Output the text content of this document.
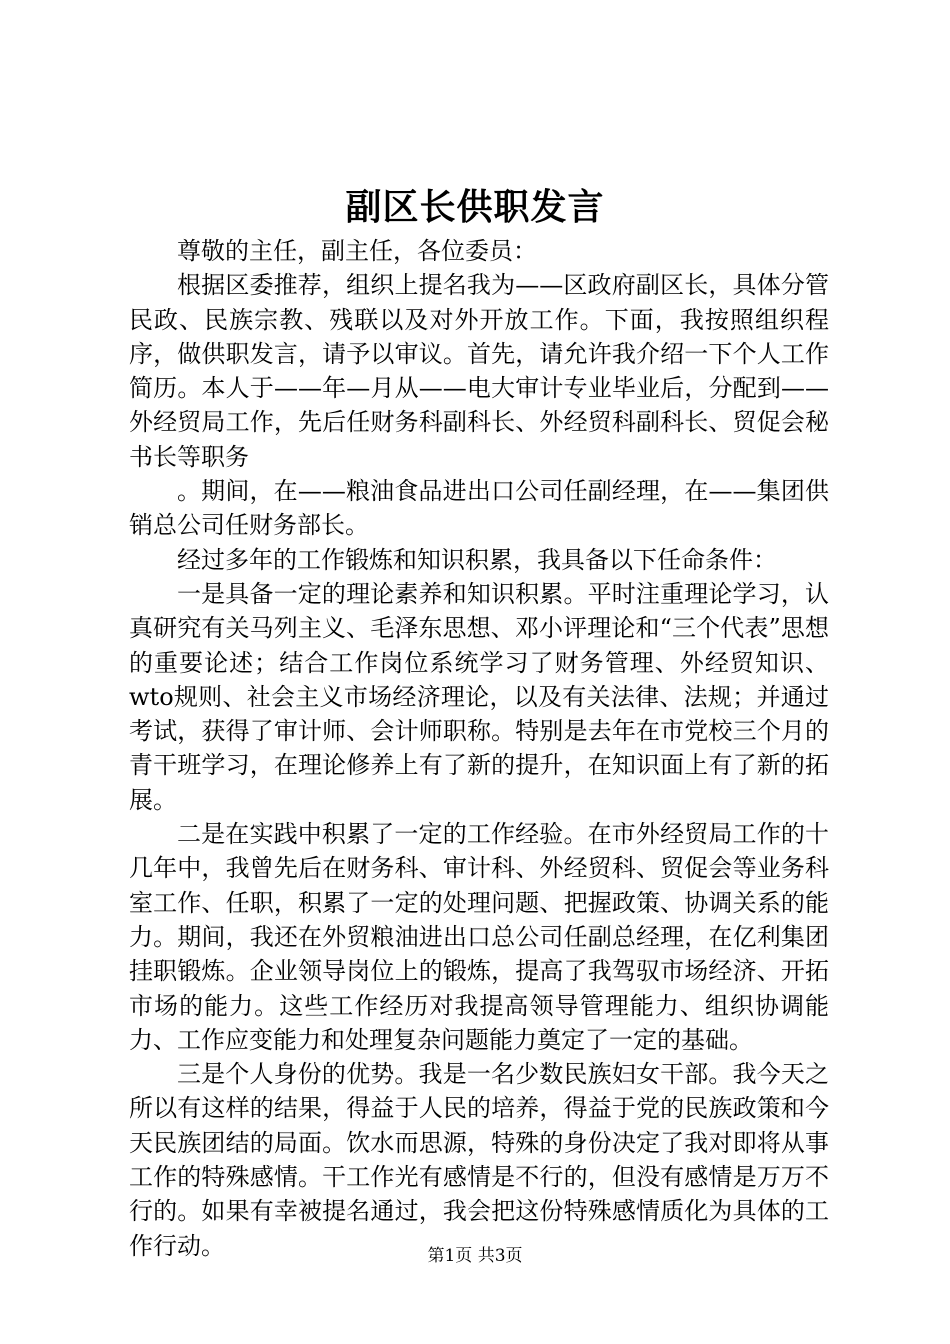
副区长供职发言

尊敬的主任，副主任，各位委员：

根据区委推荐，组织上提名我为——区政府副区长，具体分管民政、民族宗教、残联以及对外开放工作。下面，我按照组织程序，做供职发言，请予以审议。首先，请允许我介绍一下个人工作简历。本人于——年—月从——电大审计专业毕业后，分配到——外经贸局工作，先后任财务科副科长、外经贸科副科长、贸促会秘书长等职务

。期间，在——粮油食品进出口公司任副经理，在——集团供销总公司任财务部长。

经过多年的工作锻炼和知识积累，我具备以下任命条件：

一是具备一定的理论素养和知识积累。平时注重理论学习，认真研究有关马列主义、毛泽东思想、邓小评理论和“三个代表”思想的重要论述；结合工作岗位系统学习了财务管理、外经贸知识、wto规则、社会主义市场经济理论，以及有关法律、法规；并通过考试，获得了审计师、会计师职称。特别是去年在市党校三个月的青干班学习，在理论修养上有了新的提升，在知识面上有了新的拓展。

二是在实践中积累了一定的工作经验。在市外经贸局工作的十几年中，我曾先后在财务科、审计科、外经贸科、贸促会等业务科室工作、任职，积累了一定的处理问题、把握政策、协调关系的能力。期间，我还在外贸粮油进出口总公司任副总经理，在亿利集团挂职锻炼。企业领导岗位上的锻炼，提高了我驾驭市场经济、开拓市场的能力。这些工作经历对我提高领导管理能力、组织协调能力、工作应变能力和处理复杂问题能力奠定了一定的基础。

三是个人身份的优势。我是一名少数民族妇女干部。我今天之所以有这样的结果，得益于人民的培养，得益于党的民族政策和今天民族团结的局面。饮水而思源，特殊的身份决定了我对即将从事工作的特殊感情。干工作光有感情是不行的，但没有感情是万万不行的。如果有幸被提名通过，我会把这份特殊感情质化为具体的工作行动。	第1页 共3页
